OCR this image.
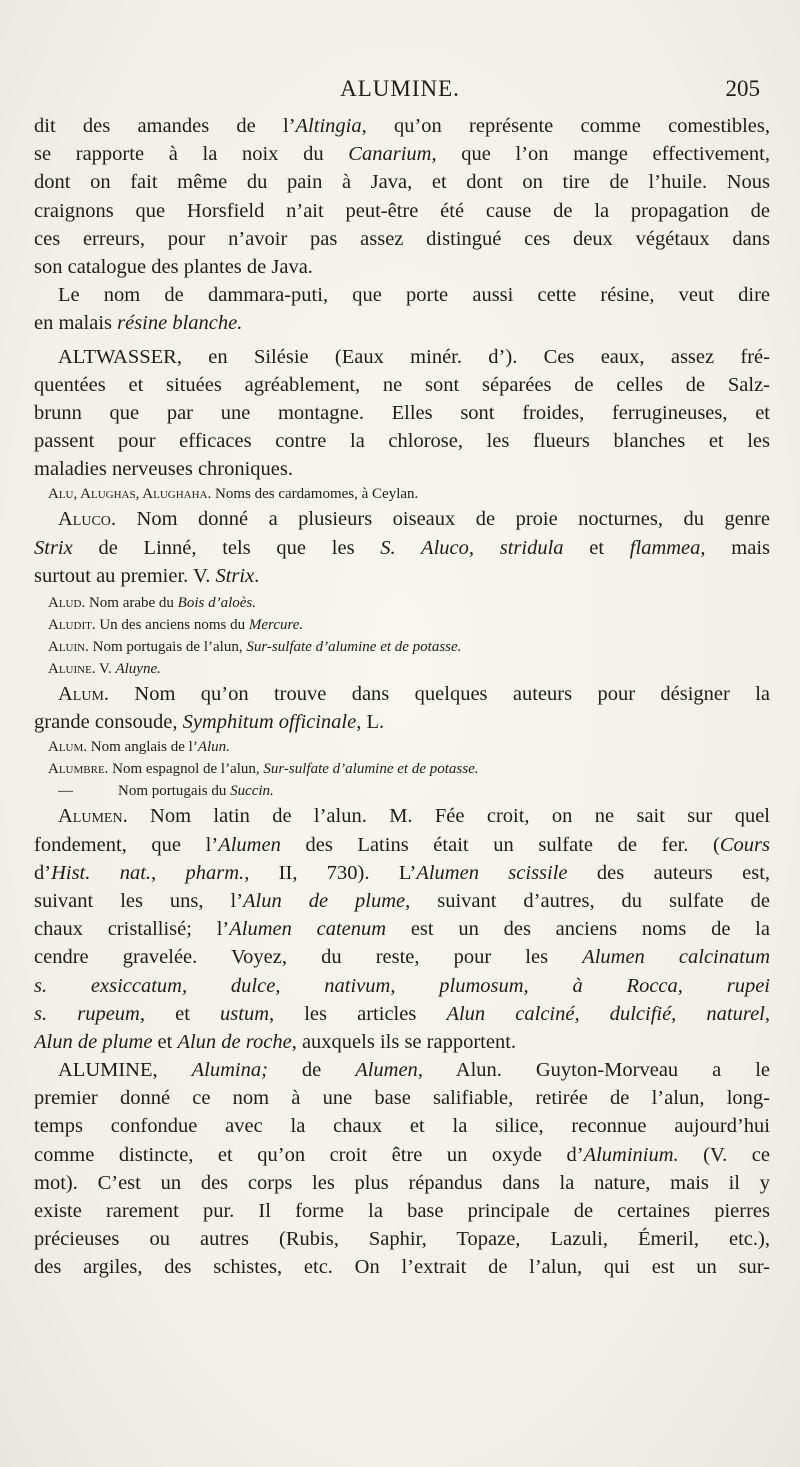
ALUMINE.	205
dit des amandes de l’Altingia, qu’on représente comme comestibles,
se rapporte à la noix du Canarium, que l’on mange effectivement,
dont on fait même du pain à Java, et dont on tire de l’huile. Nous
craignons que Horsfield n’ait peut-être été cause de la propagation de
ces erreurs, pour n’avoir pas assez distingué ces deux végétaux dans
son catalogue des plantes de Java.
Le nom de dammara-puti, que porte aussi cette résine, veut dire
en malais résine blanche.
ALTWASSER, en Silésie (Eaux minér. d’). Ces eaux, assez fré-
quentées et situées agréablement, ne sont séparées de celles de Salz-
brunn que par une montagne. Elles sont froides, ferrugineuses, et
passent pour efficaces contre la chlorose, les flueurs blanches et les
maladies nerveuses chroniques.
Alu, Alughas, Alughaha. Noms des cardamomes, à Ceylan.
Aluco. Nom donné a plusieurs oiseaux de proie nocturnes, du genre
Strix de Linné, tels que les S. Aluco, stridula et flammea, mais
surtout au premier. V. Strix.
Alud. Nom arabe du Bois d’aloès.
Aludit. Un des anciens noms du Mercure.
Aluin. Nom portugais de l’alun, Sur-sulfate d’alumine et de potasse.
Aluine. V. Aluyne.
Alum. Nom qu’on trouve dans quelques auteurs pour désigner la
grande consoude, Symphitum officinale, L.
Alum. Nom anglais de l’Alun.
Alumbre. Nom espagnol de l’alun, Sur-sulfate d’alumine et de potasse.
—	Nom portugais du Succin.
Alumen. Nom latin de l’alun. M. Fée croit, on ne sait sur quel
fondement, que l’Alumen des Latins était un sulfate de fer. (Cours
d’Hist. nat., pharm., II, 730). L’Alumen scissile des auteurs est,
suivant les uns, l’Alun de plume, suivant d’autres, du sulfate de
chaux cristallisé; l’Alumen catenum est un des anciens noms de la
cendre gravelée. Voyez, du reste, pour les Alumen calcinatum
s. exsiccatum, dulce, nativum, plumosum, à Rocca, rupei
s. rupeum, et ustum, les articles Alun calciné, dulcifié, naturel,
Alun de plume et Alun de roche, auxquels ils se rapportent.
ALUMINE, Alumina; de Alumen, Alun. Guyton-Morveau a le
premier donné ce nom à une base salifiable, retirée de l’alun, long-
temps confondue avec la chaux et la silice, reconnue aujourd’hui
comme distincte, et qu’on croit être un oxyde d’Aluminium. (V. ce
mot). C’est un des corps les plus répandus dans la nature, mais il y
existe rarement pur. Il forme la base principale de certaines pierres
précieuses ou autres (Rubis, Saphir, Topaze, Lazuli, Émeril, etc.),
des argiles, des schistes, etc. On l’extrait de l’alun, qui est un sur-
